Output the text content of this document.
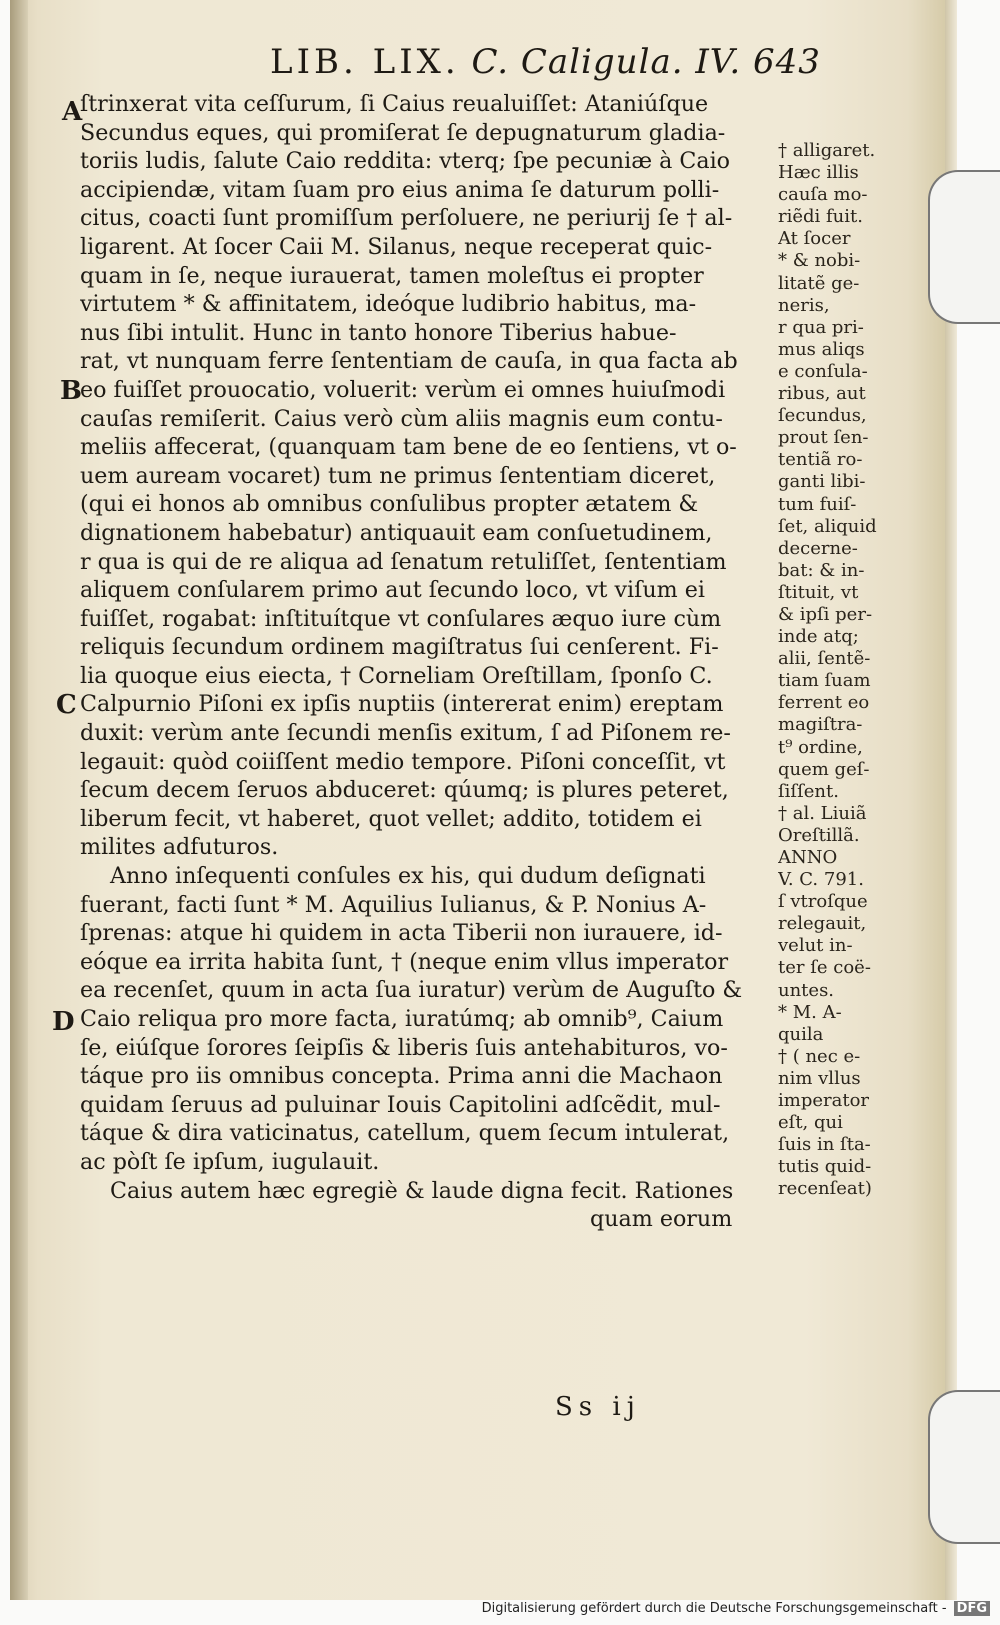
LIB. LIX. C. Caligula. IV. 643
A
B
C
D
ſtrinxerat vita ceſſurum, ſi Caius reualuiſſet: Ataniúſque
Secundus eques, qui promiſerat ſe depugnaturum gladia-
toriis ludis, ſalute Caio reddita: vterq; ſpe pecuniæ à Caio
accipiendæ, vitam ſuam pro eius anima ſe daturum polli-
citus, coacti ſunt promiſſum perſoluere, ne periurij ſe † al-
ligarent. At ſocer Caii M. Silanus, neque receperat quic-
quam in ſe, neque iurauerat, tamen moleſtus ei propter
virtutem * & affinitatem, ideóque ludibrio habitus, ma-
nus ſibi intulit. Hunc in tanto honore Tiberius habue-
rat, vt nunquam ferre ſententiam de cauſa, in qua facta ab
eo fuiſſet prouocatio, voluerit: verùm ei omnes huiuſmodi
cauſas remiſerit. Caius verò cùm aliis magnis eum contu-
meliis affecerat, (quanquam tam bene de eo ſentiens, vt o-
uem auream vocaret) tum ne primus ſententiam diceret,
(qui ei honos ab omnibus conſulibus propter ætatem &
dignationem habebatur) antiquauit eam conſuetudinem,
r qua is qui de re aliqua ad ſenatum retuliſſet, ſententiam
aliquem conſularem primo aut ſecundo loco, vt viſum ei
fuiſſet, rogabat: inſtituítque vt conſulares æquo iure cùm
reliquis ſecundum ordinem magiſtratus ſui cenſerent. Fi-
lia quoque eius eiecta, † Corneliam Oreſtillam, ſponſo C.
Calpurnio Piſoni ex ipſis nuptiis (intererat enim) ereptam
duxit: verùm ante ſecundi menſis exitum, ſ ad Piſonem re-
legauit: quòd coiiſſent medio tempore. Piſoni conceſſit, vt
ſecum decem ſeruos abduceret: qúumq; is plures peteret,
liberum fecit, vt haberet, quot vellet; addito, totidem ei
milites adfuturos.
Anno inſequenti conſules ex his, qui dudum deſignati
fuerant, facti ſunt * M. Aquilius Iulianus, & P. Nonius A-
ſprenas: atque hi quidem in acta Tiberii non iurauere, id-
eóque ea irrita habita ſunt, † (neque enim vllus imperator
ea recenſet, quum in acta ſua iuratur) verùm de Auguſto &
Caio reliqua pro more facta, iuratúmq; ab omnib⁹, Caium
ſe, eiúſque ſorores ſeipſis & liberis ſuis antehabituros, vo-
táque pro iis omnibus concepta. Prima anni die Machaon
quidam ſeruus ad puluinar Iouis Capitolini adſcẽdit, mul-
táque & dira vaticinatus, catellum, quem ſecum intulerat,
ac pòſt ſe ipſum, iugulauit.
Caius autem hæc egregiè & laude digna fecit. Rationes
quam eorum
† alligaret.
Hæc illis
cauſa mo-
riẽdi fuit.
At ſocer
* & nobi-
litatẽ ge-
neris,
r qua pri-
mus aliqs
e conſula-
ribus, aut
ſecundus,
prout ſen-
tentiã ro-
ganti libi-
tum fuiſ-
ſet, aliquid
decerne-
bat: & in-
ſtituit, vt
& ipſi per-
inde atq;
alii, ſentẽ-
tiam ſuam
ferrent eo
magiſtra-
t⁹ ordine,
quem geſ-
ſiſſent.
† al. Liuiã
Oreſtillã.
ANNO
V. C. 791.
ſ vtroſque
relegauit,
velut in-
ter ſe coë-
untes.
* M. A-
quila
† ( nec e-
nim vllus
imperator
eſt, qui
ſuis in ſta-
tutis quid-
recenſeat)
Ss ij
Digitalisierung gefördert durch die Deutsche Forschungsgemeinschaft - DFG
